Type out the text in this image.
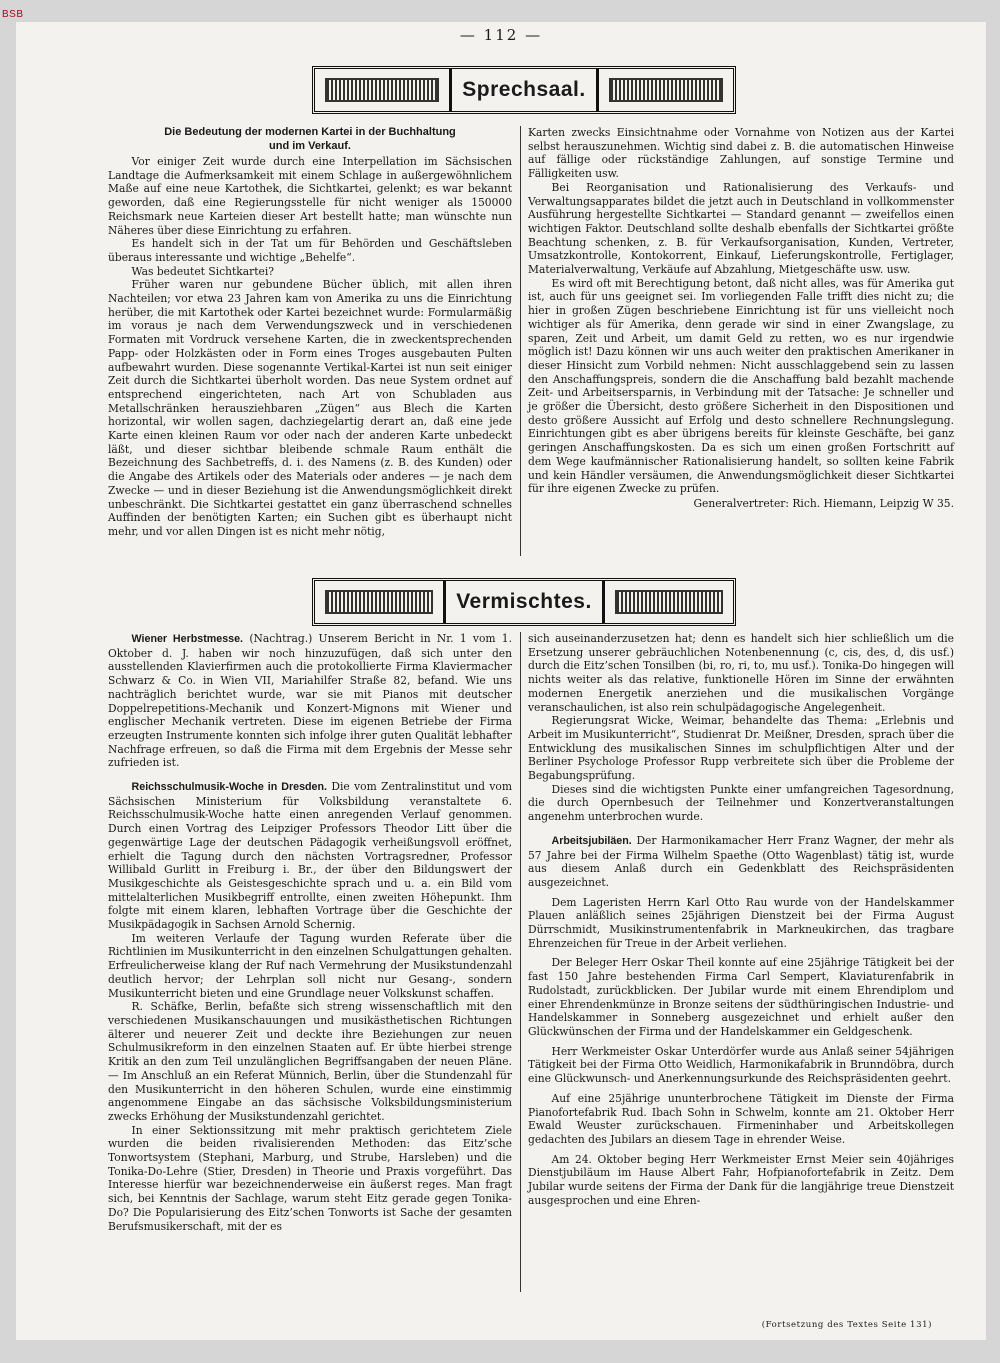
BSB
— 112 —
Sprechsaal.
Die Bedeutung der modernen Kartei in der Buchhaltung
und im Verkauf.

Vor einiger Zeit wurde durch eine Interpellation im Sächsischen Landtage die Aufmerksamkeit mit einem Schlage in außergewöhnlichem Maße auf eine neue Kartothek, die Sichtkartei, gelenkt; es war bekannt geworden, daß eine Regierungsstelle für nicht weniger als 150000 Reichsmark neue Karteien dieser Art bestellt hatte; man wünschte nun Näheres über diese Einrichtung zu erfahren.

Es handelt sich in der Tat um für Behörden und Geschäftsleben überaus interessante und wichtige „Behelfe“.

Was bedeutet Sichtkartei?

Früher waren nur gebundene Bücher üblich, mit allen ihren Nachteilen; vor etwa 23 Jahren kam von Amerika zu uns die Einrichtung herüber, die mit Kartothek oder Kartei bezeichnet wurde: Formularmäßig im voraus je nach dem Verwendungszweck und in verschiedenen Formaten mit Vordruck versehene Karten, die in zweckentsprechenden Papp- oder Holzkästen oder in Form eines Troges ausgebauten Pulten aufbewahrt wurden. Diese sogenannte Vertikal-Kartei ist nun seit einiger Zeit durch die Sichtkartei überholt worden. Das neue System ordnet auf entsprechend eingerichteten, nach Art von Schubladen aus Metallschränken herausziehbaren „Zügen“ aus Blech die Karten horizontal, wir wollen sagen, dachziegelartig derart an, daß eine jede Karte einen kleinen Raum vor oder nach der anderen Karte unbedeckt läßt, und dieser sichtbar bleibende schmale Raum enthält die Bezeichnung des Sachbetreffs, d. i. des Namens (z. B. des Kunden) oder die Angabe des Artikels oder des Materials oder anderes — je nach dem Zwecke — und in dieser Beziehung ist die Anwendungsmöglichkeit direkt unbeschränkt. Die Sichtkartei gestattet ein ganz überraschend schnelles Auffinden der benötigten Karten; ein Suchen gibt es überhaupt nicht mehr, und vor allen Dingen ist es nicht mehr nötig,

Karten zwecks Einsichtnahme oder Vornahme von Notizen aus der Kartei selbst herauszunehmen. Wichtig sind dabei z. B. die automatischen Hinweise auf fällige oder rückständige Zahlungen, auf sonstige Termine und Fälligkeiten usw.

Bei Reorganisation und Rationalisierung des Verkaufs- und Verwaltungsapparates bildet die jetzt auch in Deutschland in vollkommenster Ausführung hergestellte Sichtkartei — Standard genannt — zweifellos einen wichtigen Faktor. Deutschland sollte deshalb ebenfalls der Sichtkartei größte Beachtung schenken, z. B. für Verkaufsorganisation, Kunden, Vertreter, Umsatzkontrolle, Kontokorrent, Einkauf, Lieferungskontrolle, Fertiglager, Materialverwaltung, Verkäufe auf Abzahlung, Mietgeschäfte usw. usw.

Es wird oft mit Berechtigung betont, daß nicht alles, was für Amerika gut ist, auch für uns geeignet sei. Im vorliegenden Falle trifft dies nicht zu; die hier in großen Zügen beschriebene Einrichtung ist für uns vielleicht noch wichtiger als für Amerika, denn gerade wir sind in einer Zwangslage, zu sparen, Zeit und Arbeit, um damit Geld zu retten, wo es nur irgendwie möglich ist! Dazu können wir uns auch weiter den praktischen Amerikaner in dieser Hinsicht zum Vorbild nehmen: Nicht ausschlaggebend sein zu lassen den Anschaffungspreis, sondern die die Anschaffung bald bezahlt machende Zeit- und Arbeitsersparnis, in Verbindung mit der Tatsache: Je schneller und je größer die Übersicht, desto größere Sicherheit in den Dispositionen und desto größere Aussicht auf Erfolg und desto schnellere Rechnungslegung. Einrichtungen gibt es aber übrigens bereits für kleinste Geschäfte, bei ganz geringen Anschaffungskosten. Da es sich um einen großen Fortschritt auf dem Wege kaufmännischer Rationalisierung handelt, so sollten keine Fabrik und kein Händler versäumen, die Anwendungsmöglichkeit dieser Sichtkartei für ihre eigenen Zwecke zu prüfen.

Generalvertreter: Rich. Hiemann, Leipzig W 35.

Vermischtes.

Wiener Herbstmesse. (Nachtrag.) Unserem Bericht in Nr. 1 vom 1. Oktober d. J. haben wir noch hinzuzufügen, daß sich unter den ausstellenden Klavierfirmen auch die protokollierte Firma Klaviermacher Schwarz & Co. in Wien VII, Mariahilfer Straße 82, befand. Wie uns nachträglich berichtet wurde, war sie mit Pianos mit deutscher Doppelrepetitions-Mechanik und Konzert-Mignons mit Wiener und englischer Mechanik vertreten. Diese im eigenen Betriebe der Firma erzeugten Instrumente konnten sich infolge ihrer guten Qualität lebhafter Nachfrage erfreuen, so daß die Firma mit dem Ergebnis der Messe sehr zufrieden ist.

Reichsschulmusik-Woche in Dresden. Die vom Zentralinstitut und vom Sächsischen Ministerium für Volksbildung veranstaltete 6. Reichsschulmusik-Woche hatte einen anregenden Verlauf genommen. Durch einen Vortrag des Leipziger Professors Theodor Litt über die gegenwärtige Lage der deutschen Pädagogik verheißungsvoll eröffnet, erhielt die Tagung durch den nächsten Vortragsredner, Professor Willibald Gurlitt in Freiburg i. Br., der über den Bildungswert der Musikgeschichte als Geistesgeschichte sprach und u. a. ein Bild vom mittelalterlichen Musikbegriff entrollte, einen zweiten Höhepunkt. Ihm folgte mit einem klaren, lebhaften Vortrage über die Geschichte der Musikpädagogik in Sachsen Arnold Schernig.

Im weiteren Verlaufe der Tagung wurden Referate über die Richtlinien im Musikunterricht in den einzelnen Schulgattungen gehalten. Erfreulicherweise klang der Ruf nach Vermehrung der Musikstundenzahl deutlich hervor; der Lehrplan soll nicht nur Gesang-, sondern Musikunterricht bieten und eine Grundlage neuer Volkskunst schaffen.

R. Schäfke, Berlin, befaßte sich streng wissenschaftlich mit den verschiedenen Musikanschauungen und musikästhetischen Richtungen älterer und neuerer Zeit und deckte ihre Beziehungen zur neuen Schulmusikreform in den einzelnen Staaten auf. Er übte hierbei strenge Kritik an den zum Teil unzulänglichen Begriffsangaben der neuen Pläne. — Im Anschluß an ein Referat Münnich, Berlin, über die Stundenzahl für den Musikunterricht in den höheren Schulen, wurde eine einstimmig angenommene Eingabe an das sächsische Volksbildungsministerium zwecks Erhöhung der Musikstundenzahl gerichtet.

In einer Sektionssitzung mit mehr praktisch gerichtetem Ziele wurden die beiden rivalisierenden Methoden: das Eitz’sche Tonwortsystem (Stephani, Marburg, und Strube, Harsleben) und die Tonika-Do-Lehre (Stier, Dresden) in Theorie und Praxis vorgeführt. Das Interesse hierfür war bezeichnenderweise ein äußerst reges. Man fragt sich, bei Kenntnis der Sachlage, warum steht Eitz gerade gegen Tonika-Do? Die Popularisierung des Eitz’schen Tonworts ist Sache der gesamten Berufsmusikerschaft, mit der es

sich auseinanderzusetzen hat; denn es handelt sich hier schließlich um die Ersetzung unserer gebräuchlichen Notenbenennung (c, cis, des, d, dis usf.) durch die Eitz’schen Tonsilben (bi, ro, ri, to, mu usf.). Tonika-Do hingegen will nichts weiter als das relative, funktionelle Hören im Sinne der erwähnten modernen Energetik anerziehen und die musikalischen Vorgänge veranschaulichen, ist also rein schulpädagogische Angelegenheit.

Regierungsrat Wicke, Weimar, behandelte das Thema: „Erlebnis und Arbeit im Musikunterricht“, Studienrat Dr. Meißner, Dresden, sprach über die Entwicklung des musikalischen Sinnes im schulpflichtigen Alter und der Berliner Psychologe Professor Rupp verbreitete sich über die Probleme der Begabungsprüfung.

Dieses sind die wichtigsten Punkte einer umfangreichen Tagesordnung, die durch Opernbesuch der Teilnehmer und Konzertveranstaltungen angenehm unterbrochen wurde.

Arbeitsjubiläen. Der Harmonikamacher Herr Franz Wagner, der mehr als 57 Jahre bei der Firma Wilhelm Spaethe (Otto Wagenblast) tätig ist, wurde aus diesem Anlaß durch ein Gedenkblatt des Reichspräsidenten ausgezeichnet.

Dem Lageristen Herrn Karl Otto Rau wurde von der Handelskammer Plauen anläßlich seines 25jährigen Dienstzeit bei der Firma August Dürrschmidt, Musikinstrumentenfabrik in Markneukirchen, das tragbare Ehrenzeichen für Treue in der Arbeit verliehen.

Der Beleger Herr Oskar Theil konnte auf eine 25jährige Tätigkeit bei der fast 150 Jahre bestehenden Firma Carl Sempert, Klaviaturenfabrik in Rudolstadt, zurückblicken. Der Jubilar wurde mit einem Ehrendiplom und einer Ehrendenkmünze in Bronze seitens der südthüringischen Industrie- und Handelskammer in Sonneberg ausgezeichnet und erhielt außer den Glückwünschen der Firma und der Handelskammer ein Geldgeschenk.

Herr Werkmeister Oskar Unterdörfer wurde aus Anlaß seiner 54jährigen Tätigkeit bei der Firma Otto Weidlich, Harmonikafabrik in Brunndöbra, durch eine Glückwunsch- und Anerkennungsurkunde des Reichspräsidenten geehrt.

Auf eine 25jährige ununterbrochene Tätigkeit im Dienste der Firma Pianofortefabrik Rud. Ibach Sohn in Schwelm, konnte am 21. Oktober Herr Ewald Weuster zurückschauen. Firmeninhaber und Arbeitskollegen gedachten des Jubilars an diesem Tage in ehrender Weise.

Am 24. Oktober beging Herr Werkmeister Ernst Meier sein 40jähriges Dienstjubiläum im Hause Albert Fahr, Hofpianofortefabrik in Zeitz. Dem Jubilar wurde seitens der Firma der Dank für die langjährige treue Dienstzeit ausgesprochen und eine Ehren-

(Fortsetzung des Textes Seite 131)
